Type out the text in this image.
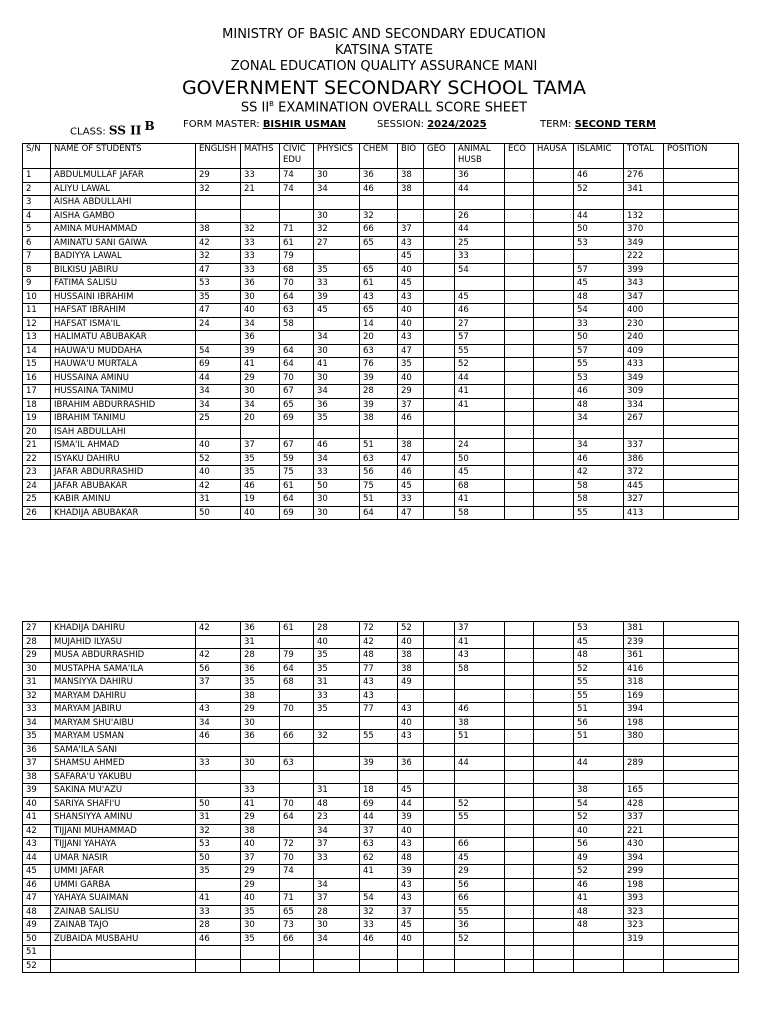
MINISTRY OF BASIC AND SECONDARY EDUCATION
KATSINA STATE
ZONAL EDUCATION QUALITY ASSURANCE MANI
GOVERNMENT SECONDARY SCHOOL TAMA
SS $II^B$ EXAMINATION OVERALL SCORE SHEET
CLASS: SS II $^B$	FORM MASTER: BISHIR USMAN	SESSION: 2024/2025	TERM: SECOND TERM
S/N	NAME OF STUDENTS	ENGLISH	MATHS	CIVIC EDU	PHYSICS	CHEM	BIO	GEO	ANIMAL HUSB	ECO	HAUSA	ISLAMIC	TOTAL	POSITION
1	ABDULMULLAF JAFAR	29	33	74	30	36	38		36			46	276	
2	ALIYU LAWAL	32	21	74	34	46	38		44			52	341	
3	AISHA ABDULLAHI													
4	AISHA GAMBO				30	32			26			44	132	
5	AMINA MUHAMMAD	38	32	71	32	66	37		44			50	370	
6	AMINATU SANI GAIWA	42	33	61	27	65	43		25			53	349	
7	BADIYYA LAWAL	32	33	79			45		33				222	
8	BILKISU JABIRU	47	33	68	35	65	40		54			57	399	
9	FATIMA SALISU	53	36	70	33	61	45					45	343	
10	HUSSAINI IBRAHIM	35	30	64	39	43	43		45			48	347	
11	HAFSAT IBRAHIM	47	40	63	45	65	40		46			54	400	
12	HAFSAT ISMA'IL	24	34	58		14	40		27			33	230	
13	HALIMATU ABUBAKAR		36		34	20	43		57			50	240	
14	HAUWA'U MUDDAHA	54	39	64	30	63	47		55			57	409	
15	HAUWA'U MURTALA	69	41	64	41	76	35		52			55	433	
16	HUSSAINA AMINU	44	29	70	30	39	40		44			53	349	
17	HUSSAINA TANIMU	34	30	67	34	28	29		41			46	309	
18	IBRAHIM ABDURRASHID	34	34	65	36	39	37		41			48	334	
19	IBRAHIM TANIMU	25	20	69	35	38	46					34	267	
20	ISAH ABDULLAHI													
21	ISMA'IL AHMAD	40	37	67	46	51	38		24			34	337	
22	ISYAKU DAHIRU	52	35	59	34	63	47		50			46	386	
23	JAFAR ABDURRASHID	40	35	75	33	56	46		45			42	372	
24	JAFAR ABUBAKAR	42	46	61	50	75	45		68			58	445	
25	KABIR AMINU	31	19	64	30	51	33		41			58	327	
26	KHADIJA ABUBAKAR	50	40	69	30	64	47		58			55	413	
27	KHADIJA DAHIRU	42	36	61	28	72	52		37			53	381	
28	MUJAHID ILYASU		31		40	42	40		41			45	239	
29	MUSA ABDURRASHID	42	28	79	35	48	38		43			48	361	
30	MUSTAPHA SAMA'ILA	56	36	64	35	77	38		58			52	416	
31	MANSIYYA DAHIRU	37	35	68	31	43	49					55	318	
32	MARYAM DAHIRU		38		33	43						55	169	
33	MARYAM JABIRU	43	29	70	35	77	43		46			51	394	
34	MARYAM SHU'AIBU	34	30				40		38			56	198	
35	MARYAM USMAN	46	36	66	32	55	43		51			51	380	
36	SAMA'ILA SANI													
37	SHAMSU AHMED	33	30	63		39	36		44			44	289	
38	SAFARA'U YAKUBU													
39	SAKINA MU'AZU		33		31	18	45					38	165	
40	SARIYA SHAFI'U	50	41	70	48	69	44		52			54	428	
41	SHANSIYYA AMINU	31	29	64	23	44	39		55			52	337	
42	TIJJANI MUHAMMAD	32	38		34	37	40					40	221	
43	TIJJANI YAHAYA	53	40	72	37	63	43		66			56	430	
44	UMAR NASIR	50	37	70	33	62	48		45			49	394	
45	UMMI JAFAR	35	29	74		41	39		29			52	299	
46	UMMI GARBA		29		34		43		56			46	198	
47	YAHAYA SUAIMAN	41	40	71	37	54	43		66			41	393	
48	ZAINAB SALISU	33	35	65	28	32	37		55			48	323	
49	ZAINAB TAJO	28	30	73	30	33	45		36			48	323	
50	ZUBAIDA MUSBAHU	46	35	66	34	46	40		52				319	
51														
52														
